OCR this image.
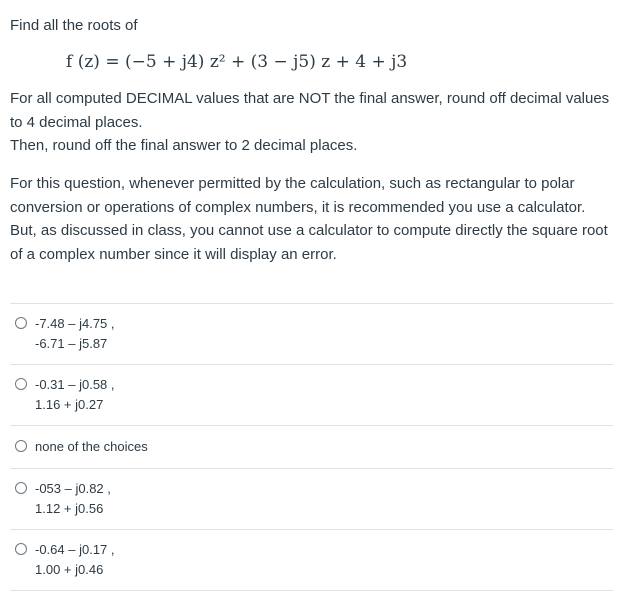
Find all the roots of

f (z) = (−5 + j4) z² + (3 − j5) z + 4 + j3

For all computed DECIMAL values that are NOT the final answer, round off decimal values to 4 decimal places.

Then, round off the final answer to 2 decimal places.

For this question, whenever permitted by the calculation, such as rectangular to polar conversion or operations of complex numbers, it is recommended you use a calculator. But, as discussed in class, you cannot use a calculator to compute directly the square root of a complex number since it will display an error.

-7.48 – j4.75 ,
-6.71 – j5.87
-0.31 – j0.58 ,
1.16 + j0.27
none of the choices
-053 – j0.82 ,
1.12 + j0.56
-0.64 – j0.17 ,
1.00 + j0.46
